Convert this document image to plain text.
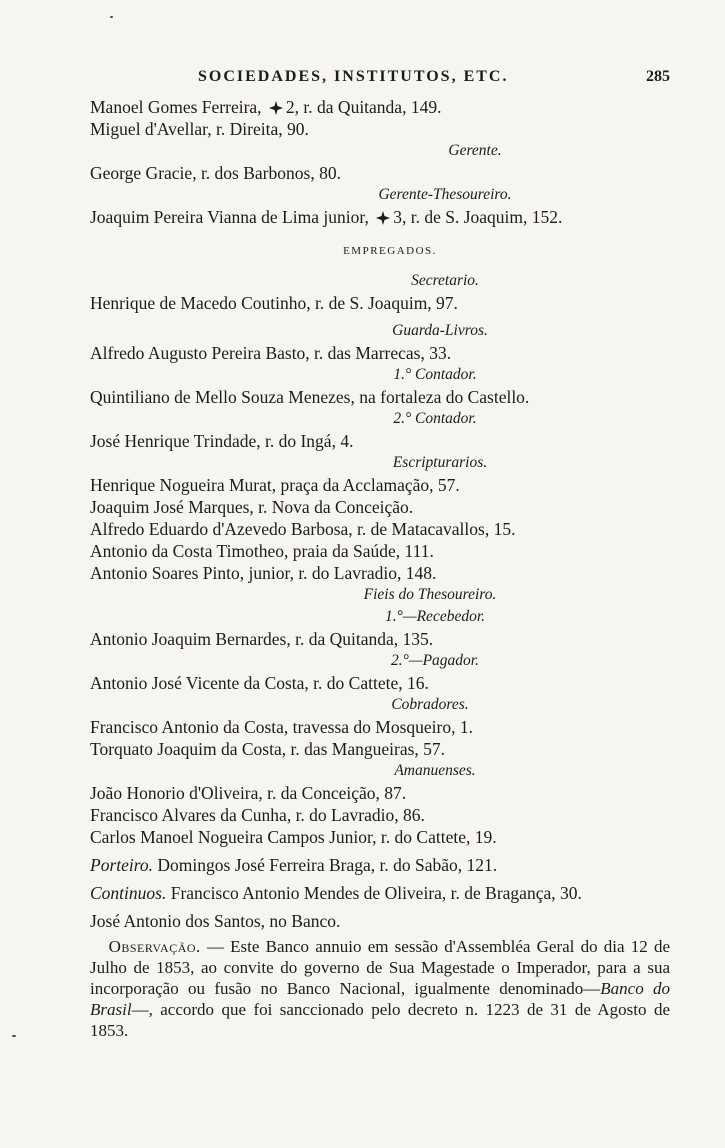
SOCIEDADES, INSTITUTOS, ETC.	285
Manoel Gomes Ferreira, 2, r. da Quitanda, 149.
Miguel d'Avellar, r. Direita, 90.
Gerente.
George Gracie, r. dos Barbonos, 80.
Gerente-Thesoureiro.
Joaquim Pereira Vianna de Lima junior, 3, r. de S. Joaquim, 152.
EMPREGADOS.
Secretario.
Henrique de Macedo Coutinho, r. de S. Joaquim, 97.
Guarda-Livros.
Alfredo Augusto Pereira Basto, r. das Marrecas, 33.
1.° Contador.
Quintiliano de Mello Souza Menezes, na fortaleza do Castello.
2.° Contador.
José Henrique Trindade, r. do Ingá, 4.
Escripturarios.
Henrique Nogueira Murat, praça da Acclamação, 57.
Joaquim José Marques, r. Nova da Conceição.
Alfredo Eduardo d'Azevedo Barbosa, r. de Matacavallos, 15.
Antonio da Costa Timotheo, praia da Saúde, 111.
Antonio Soares Pinto, junior, r. do Lavradio, 148.
Fieis do Thesoureiro.
1.°—Recebedor.
Antonio Joaquim Bernardes, r. da Quitanda, 135.
2.°—Pagador.
Antonio José Vicente da Costa, r. do Cattete, 16.
Cobradores.
Francisco Antonio da Costa, travessa do Mosqueiro, 1.
Torquato Joaquim da Costa, r. das Mangueiras, 57.
Amanuenses.
João Honorio d'Oliveira, r. da Conceição, 87.
Francisco Alvares da Cunha, r. do Lavradio, 86.
Carlos Manoel Nogueira Campos Junior, r. do Cattete, 19.
Porteiro. Domingos José Ferreira Braga, r. do Sabão, 121.
Continuos. Francisco Antonio Mendes de Oliveira, r. de Bragança, 30.
José Antonio dos Santos, no Banco.
Observação. — Este Banco annuio em sessão d'Assembléa Geral do dia 12 de Julho de 1853, ao convite do governo de Sua Magestade o Imperador, para a sua incorporação ou fusão no Banco Nacional, igualmente denominado—Banco do Brasil—, accordo que foi sanccionado pelo decreto n. 1223 de 31 de Agosto de 1853.
